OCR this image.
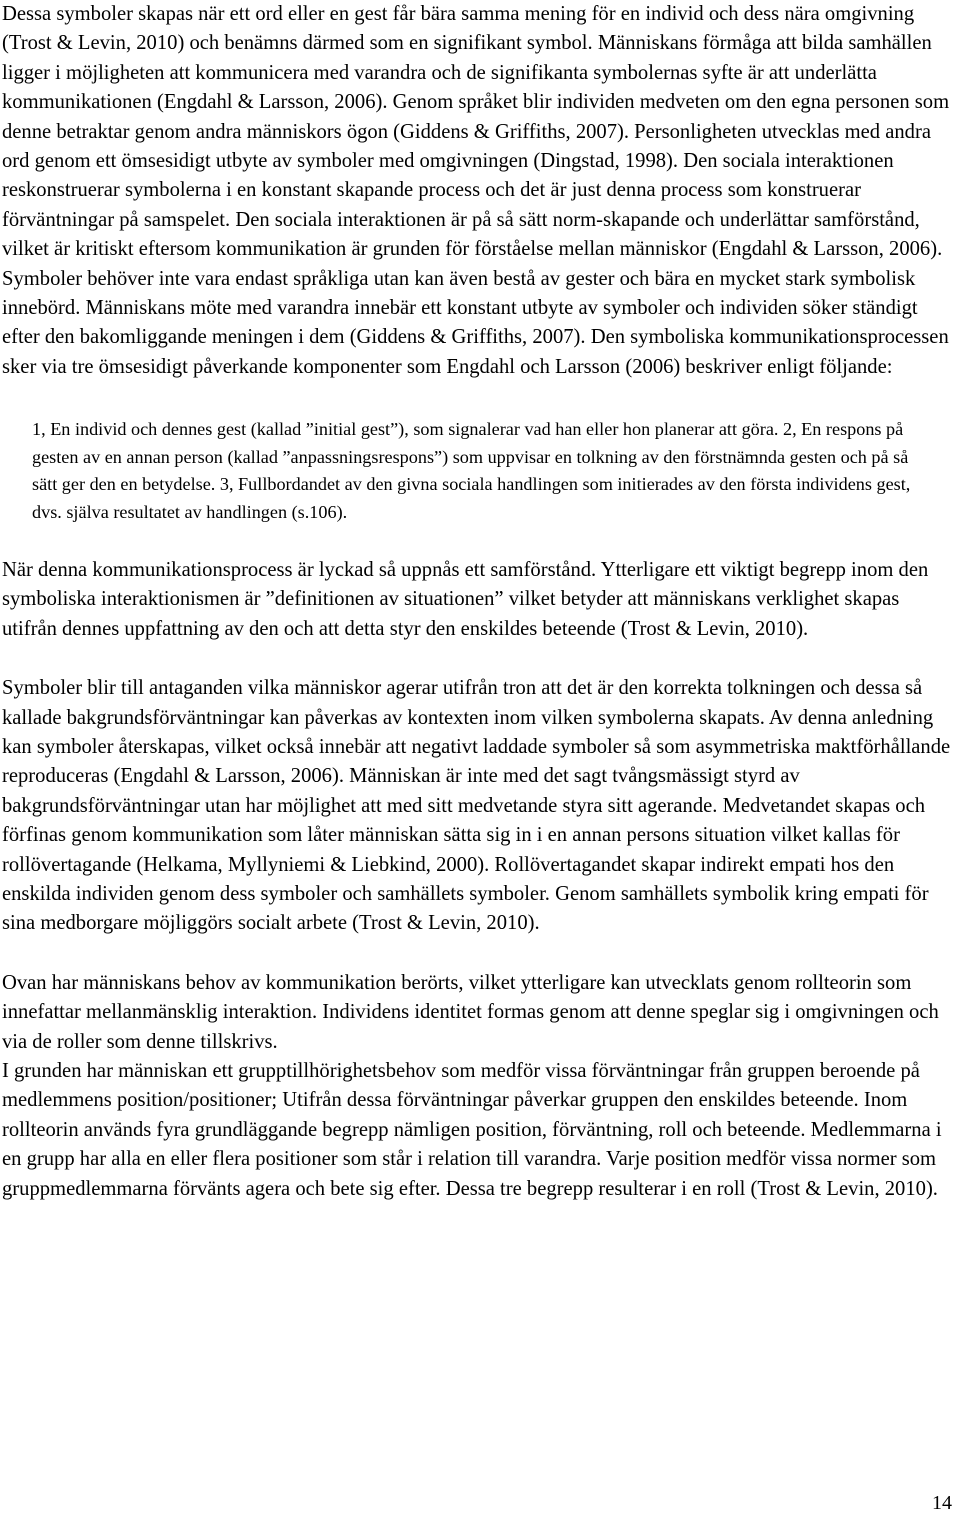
Dessa symboler skapas när ett ord eller en gest får bära samma mening för en individ och dess nära omgivning (Trost & Levin, 2010) och benämns därmed som en signifikant symbol. Människans förmåga att bilda samhällen ligger i möjligheten att kommunicera med varandra och de signifikanta symbolernas syfte är att underlätta kommunikationen (Engdahl & Larsson, 2006). Genom språket blir individen medveten om den egna personen som denne betraktar genom andra människors ögon (Giddens & Griffiths, 2007). Personligheten utvecklas med andra ord genom ett ömsesidigt utbyte av symboler med omgivningen (Dingstad, 1998). Den sociala interaktionen reskonstruerar symbolerna i en konstant skapande process och det är just denna process som konstruerar förväntningar på samspelet. Den sociala interaktionen är på så sätt norm-skapande och underlättar samförstånd, vilket är kritiskt eftersom kommunikation är grunden för förståelse mellan människor (Engdahl & Larsson, 2006). Symboler behöver inte vara endast språkliga utan kan även bestå av gester och bära en mycket stark symbolisk innebörd. Människans möte med varandra innebär ett konstant utbyte av symboler och individen söker ständigt efter den bakomliggande meningen i dem (Giddens & Griffiths, 2007). Den symboliska kommunikationsprocessen sker via tre ömsesidigt påverkande komponenter som Engdahl och Larsson (2006) beskriver enligt följande:

1, En individ och dennes gest (kallad ”initial gest”), som signalerar vad han eller hon planerar att göra. 2, En respons på gesten av en annan person (kallad ”anpassningsrespons”) som uppvisar en tolkning av den förstnämnda gesten och på så sätt ger den en betydelse. 3, Fullbordandet av den givna sociala handlingen som initierades av den första individens gest, dvs. själva resultatet av handlingen (s.106).

När denna kommunikationsprocess är lyckad så uppnås ett samförstånd. Ytterligare ett viktigt begrepp inom den symboliska interaktionismen är ”definitionen av situationen” vilket betyder att människans verklighet skapas utifrån dennes uppfattning av den och att detta styr den enskildes beteende (Trost & Levin, 2010).

Symboler blir till antaganden vilka människor agerar utifrån tron att det är den korrekta tolkningen och dessa så kallade bakgrundsförväntningar kan påverkas av kontexten inom vilken symbolerna skapats. Av denna anledning kan symboler återskapas, vilket också innebär att negativt laddade symboler så som asymmetriska maktförhållande reproduceras (Engdahl & Larsson, 2006). Människan är inte med det sagt tvångsmässigt styrd av bakgrundsförväntningar utan har möjlighet att med sitt medvetande styra sitt agerande. Medvetandet skapas och förfinas genom kommunikation som låter människan sätta sig in i en annan persons situation vilket kallas för rollövertagande (Helkama, Myllyniemi & Liebkind, 2000). Rollövertagandet skapar indirekt empati hos den enskilda individen genom dess symboler och samhällets symboler. Genom samhällets symbolik kring empati för sina medborgare möjliggörs socialt arbete (Trost & Levin, 2010).

Ovan har människans behov av kommunikation berörts, vilket ytterligare kan utvecklats genom rollteorin som innefattar mellanmänsklig interaktion. Individens identitet formas genom att denne speglar sig i omgivningen och via de roller som denne tillskrivs.

I grunden har människan ett grupptillhörighetsbehov som medför vissa förväntningar från gruppen beroende på medlemmens position/positioner; Utifrån dessa förväntningar påverkar gruppen den enskildes beteende. Inom rollteorin används fyra grundläggande begrepp nämligen position, förväntning, roll och beteende. Medlemmarna i en grupp har alla en eller flera positioner som står i relation till varandra. Varje position medför vissa normer som gruppmedlemmarna förvänts agera och bete sig efter. Dessa tre begrepp resulterar i en roll (Trost & Levin, 2010).

14
